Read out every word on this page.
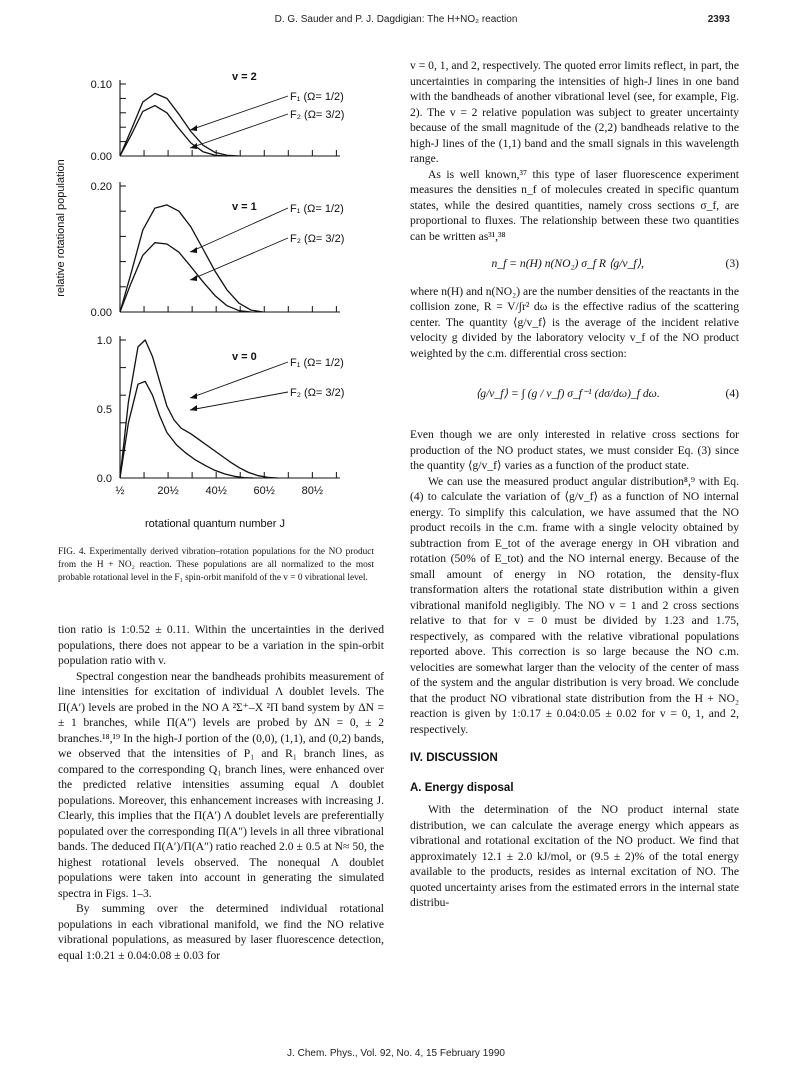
D. G. Sauder and P. J. Dagdigian: The H+NO₂ reaction	2393
relative rotational population
rotational quantum number J
0.10
0.00
v = 2
F₁ (Ω= 1/2)
F₂ (Ω= 3/2)
0.20
0.00
v = 1	F₁ (Ω= 1/2)
F₂ (Ω= 3/2)
1.0
0.5
0.0
v = 0	F₁ (Ω= 1/2)
F₂ (Ω= 3/2)
½	20½ 40½ 60½ 80½
FIG. 4. Experimentally derived vibration–rotation populations for the NO product from the H + NO₂ reaction. These populations are all normalized to the most probable rotational level in the F₁ spin-orbit manifold of the v = 0 vibrational level.

tion ratio is 1:0.52 ± 0.11. Within the uncertainties in the derived populations, there does not appear to be a variation in the spin-orbit population ratio with v.

Spectral congestion near the bandheads prohibits measurement of line intensities for excitation of individual Λ doublet levels. The Π(A′) levels are probed in the NO A ²Σ⁺–X ²Π band system by ΔN = ± 1 branches, while Π(A″) levels are probed by ΔN = 0, ± 2 branches.¹⁸,¹⁹ In the high-J portion of the (0,0), (1,1), and (0,2) bands, we observed that the intensities of P₁ and R₁ branch lines, as compared to the corresponding Q₁ branch lines, were enhanced over the predicted relative intensities assuming equal Λ doublet populations. Moreover, this enhancement increases with increasing J. Clearly, this implies that the Π(A′) Λ doublet levels are preferentially populated over the corresponding Π(A″) levels in all three vibrational bands. The deduced Π(A′)/Π(A″) ratio reached 2.0 ± 0.5 at N≈ 50, the highest rotational levels observed. The nonequal Λ doublet populations were taken into account in generating the simulated spectra in Figs. 1–3.

By summing over the determined individual rotational populations in each vibrational manifold, we find the NO relative vibrational populations, as measured by laser fluorescence detection, equal 1:0.21 ± 0.04:0.08 ± 0.03 for

v = 0, 1, and 2, respectively. The quoted error limits reflect, in part, the uncertainties in comparing the intensities of high-J lines in one band with the bandheads of another vibrational level (see, for example, Fig. 2). The v = 2 relative population was subject to greater uncertainty because of the small magnitude of the (2,2) bandheads relative to the high-J lines of the (1,1) band and the small signals in this wavelength range.

As is well known,³⁷ this type of laser fluorescence experiment measures the densities n_f of molecules created in specific quantum states, while the desired quantities, namely cross sections σ_f, are proportional to fluxes. The relationship between these two quantities can be written as³¹,³⁸

n_f = n(H) n(NO₂) σ_f R ⟨g/v_f⟩,	(3)

where n(H) and n(NO₂) are the number densities of the reactants in the collision zone, R = V/∫r² dω is the effective radius of the scattering center. The quantity ⟨g/v_f⟩ is the average of the incident relative velocity g divided by the laboratory velocity v_f of the NO product weighted by the c.m. differential cross section:

⟨g/v_f⟩ = ∫ (g / v_f) σ_f⁻¹ (dσ/dω)_f dω.	(4)

Even though we are only interested in relative cross sections for production of the NO product states, we must consider Eq. (3) since the quantity ⟨g/v_f⟩ varies as a function of the product state.

We can use the measured product angular distribution⁸,⁹ with Eq. (4) to calculate the variation of ⟨g/v_f⟩ as a function of NO internal energy. To simplify this calculation, we have assumed that the NO product recoils in the c.m. frame with a single velocity obtained by subtraction from E_tot of the average energy in OH vibration and rotation (50% of E_tot) and the NO internal energy. Because of the small amount of energy in NO rotation, the density-flux transformation alters the rotational state distribution within a given vibrational manifold negligibly. The NO v = 1 and 2 cross sections relative to that for v = 0 must be divided by 1.23 and 1.75, respectively, as compared with the relative vibrational populations reported above. This correction is so large because the NO c.m. velocities are somewhat larger than the velocity of the center of mass of the system and the angular distribution is very broad. We conclude that the product NO vibrational state distribution from the H + NO₂ reaction is given by 1:0.17 ± 0.04:0.05 ± 0.02 for v = 0, 1, and 2, respectively.

IV. DISCUSSION
A. Energy disposal

With the determination of the NO product internal state distribution, we can calculate the average energy which appears as vibrational and rotational excitation of the NO product. We find that approximately 12.1 ± 2.0 kJ/mol, or (9.5 ± 2)% of the total energy available to the products, resides as internal excitation of NO. The quoted uncertainty arises from the estimated errors in the internal state distribu-

J. Chem. Phys., Vol. 92, No. 4, 15 February 1990
